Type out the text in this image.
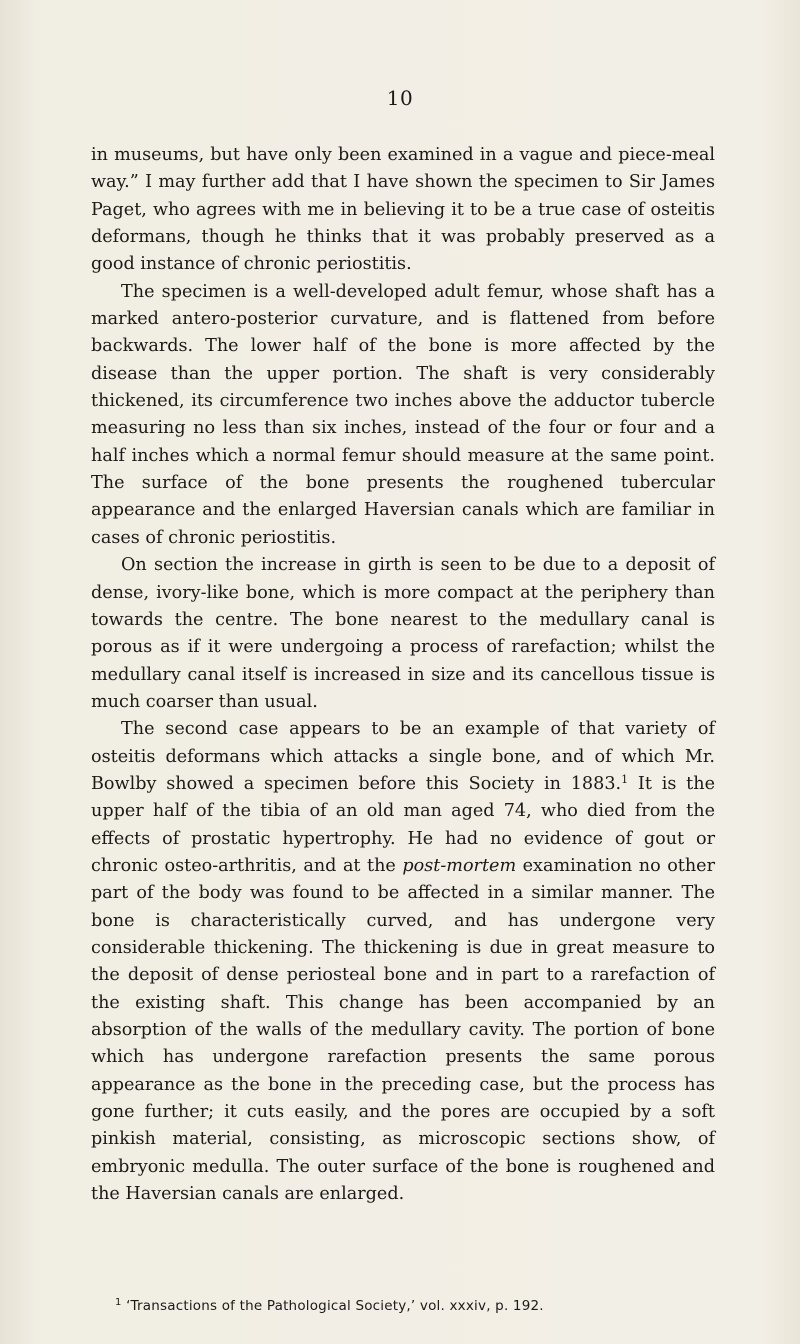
10

in museums, but have only been examined in a vague and piece-meal way.” I may further add that I have shown the specimen to Sir James Paget, who agrees with me in believing it to be a true case of osteitis deformans, though he thinks that it was probably preserved as a good instance of chronic periostitis.

The specimen is a well-developed adult femur, whose shaft has a marked antero-posterior curvature, and is flattened from before backwards. The lower half of the bone is more affected by the disease than the upper portion. The shaft is very considerably thickened, its circumference two inches above the adductor tubercle measuring no less than six inches, instead of the four or four and a half inches which a normal femur should measure at the same point. The surface of the bone presents the roughened tubercular appearance and the enlarged Haversian canals which are familiar in cases of chronic periostitis.

On section the increase in girth is seen to be due to a deposit of dense, ivory-like bone, which is more compact at the periphery than towards the centre. The bone nearest to the medullary canal is porous as if it were undergoing a process of rarefaction; whilst the medullary canal itself is increased in size and its cancellous tissue is much coarser than usual.

The second case appears to be an example of that variety of osteitis deformans which attacks a single bone, and of which Mr. Bowlby showed a specimen before this Society in 1883.$^1$ It is the upper half of the tibia of an old man aged 74, who died from the effects of prostatic hypertrophy. He had no evidence of gout or chronic osteo-arthritis, and at the post-mortem examination no other part of the body was found to be affected in a similar manner. The bone is characteristically curved, and has undergone very considerable thickening. The thickening is due in great measure to the deposit of dense periosteal bone and in part to a rarefaction of the existing shaft. This change has been accompanied by an absorption of the walls of the medullary cavity. The portion of bone which has undergone rarefaction presents the same porous appearance as the bone in the preceding case, but the process has gone further; it cuts easily, and the pores are occupied by a soft pinkish material, consisting, as microscopic sections show, of embryonic medulla. The outer surface of the bone is roughened and the Haversian canals are enlarged.

$^1$ ‘Transactions of the Pathological Society,’ vol. xxxiv, p. 192.
